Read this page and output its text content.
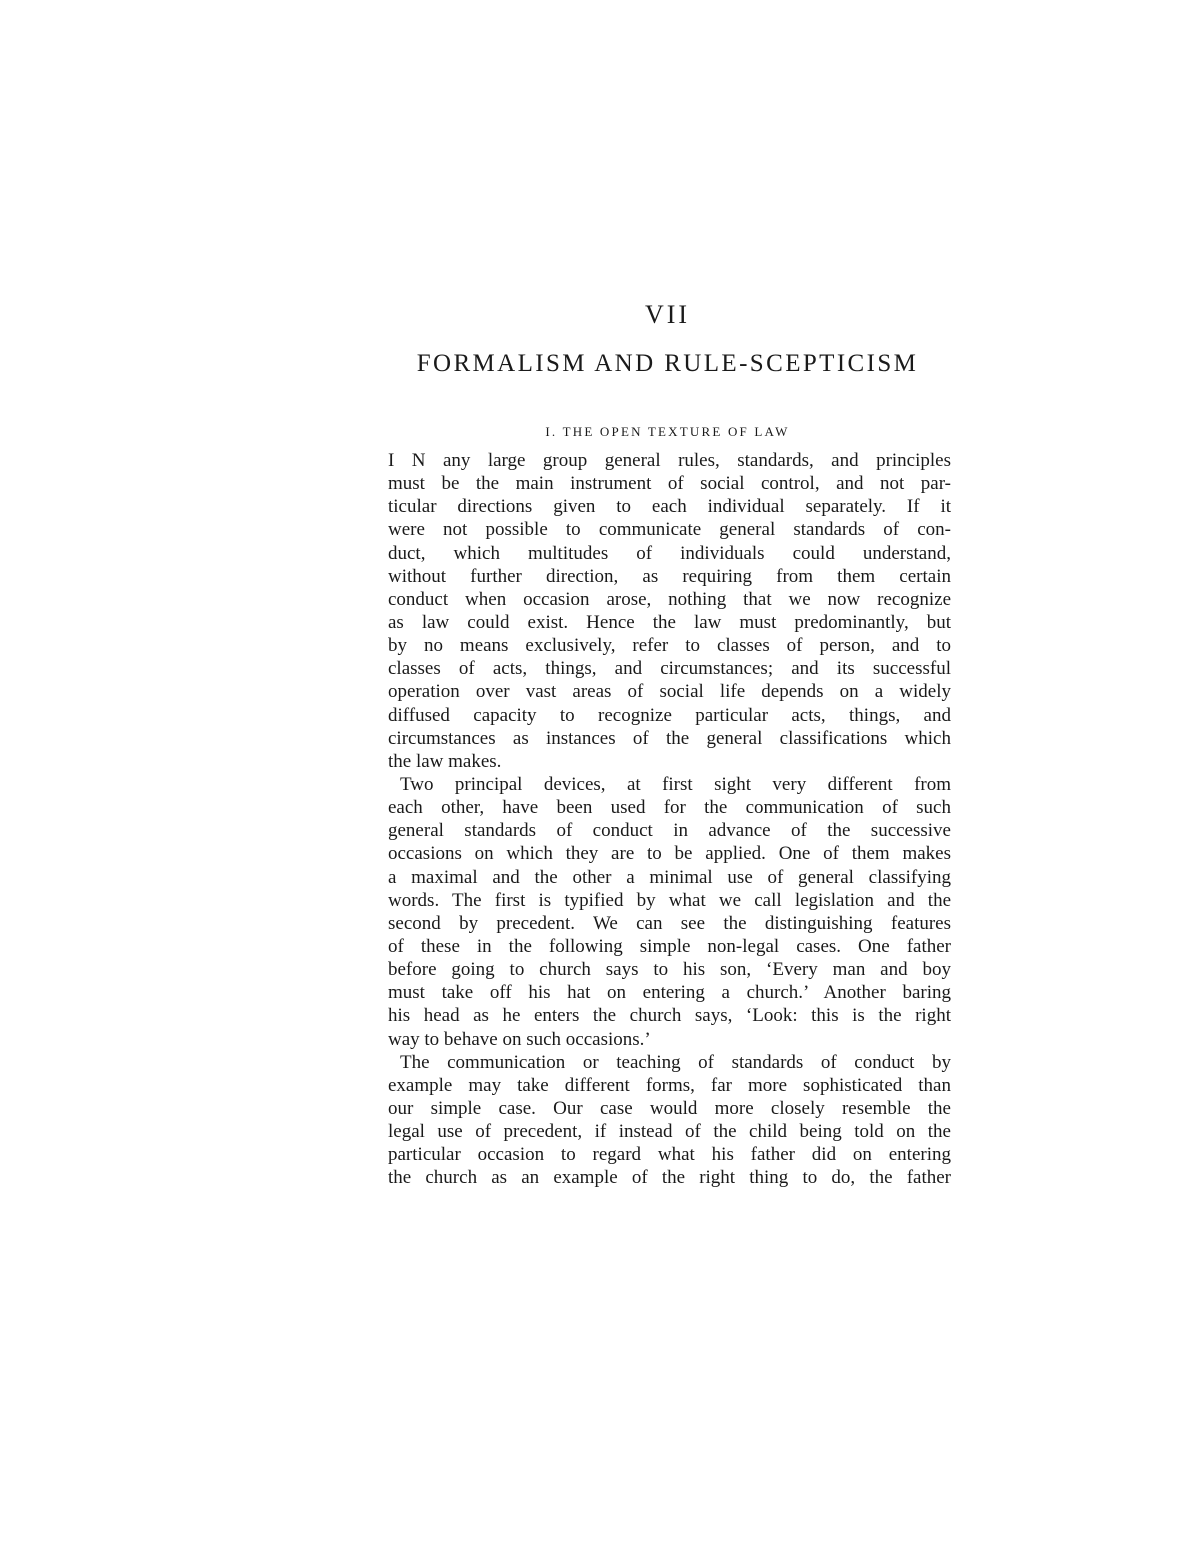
VII
FORMALISM AND RULE-SCEPTICISM
I. THE OPEN TEXTURE OF LAW

I N any large group general rules, standards, and principles
must be the main instrument of social control, and not par-
ticular directions given to each individual separately. If it
were not possible to communicate general standards of con-
duct, which multitudes of individuals could understand,
without further direction, as requiring from them certain
conduct when occasion arose, nothing that we now recognize
as law could exist. Hence the law must predominantly, but
by no means exclusively, refer to classes of person, and to
classes of acts, things, and circumstances; and its successful
operation over vast areas of social life depends on a widely
diffused capacity to recognize particular acts, things, and
circumstances as instances of the general classifications which
the law makes.

Two principal devices, at first sight very different from
each other, have been used for the communication of such
general standards of conduct in advance of the successive
occasions on which they are to be applied. One of them makes
a maximal and the other a minimal use of general classifying
words. The first is typified by what we call legislation and the
second by precedent. We can see the distinguishing features
of these in the following simple non-legal cases. One father
before going to church says to his son, ‘Every man and boy
must take off his hat on entering a church.’ Another baring
his head as he enters the church says, ‘Look: this is the right
way to behave on such occasions.’

The communication or teaching of standards of conduct by
example may take different forms, far more sophisticated than
our simple case. Our case would more closely resemble the
legal use of precedent, if instead of the child being told on the
particular occasion to regard what his father did on entering
the church as an example of the right thing to do, the father
